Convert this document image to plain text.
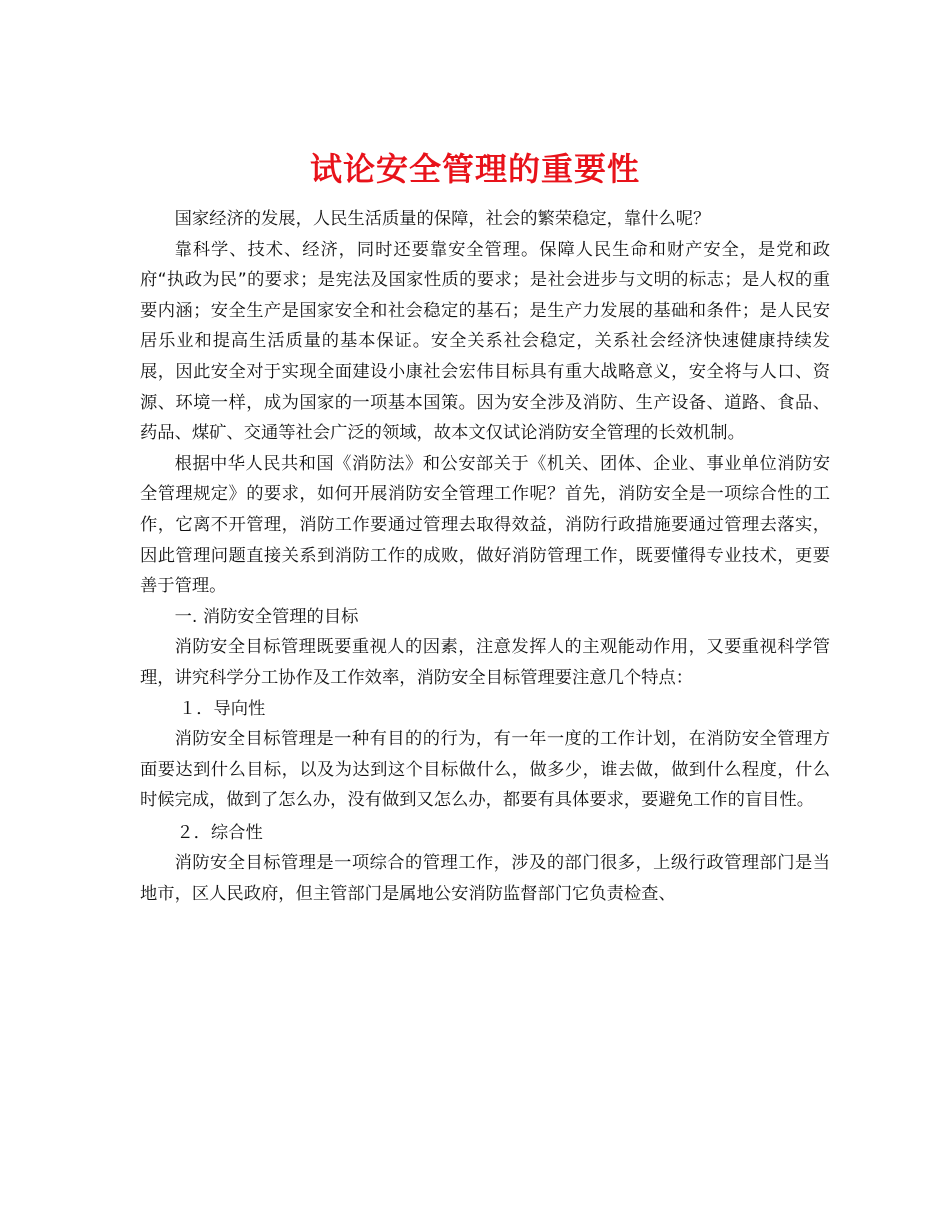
试论安全管理的重要性

国家经济的发展，人民生活质量的保障，社会的繁荣稳定，靠什么呢？

靠科学、技术、经济，同时还要靠安全管理。保障人民生命和财产安全，是党和政府“执政为民”的要求；是宪法及国家性质的要求；是社会进步与文明的标志；是人权的重要内涵；安全生产是国家安全和社会稳定的基石；是生产力发展的基础和条件；是人民安居乐业和提高生活质量的基本保证。安全关系社会稳定，关系社会经济快速健康持续发展，因此安全对于实现全面建设小康社会宏伟目标具有重大战略意义，安全将与人口、资源、环境一样，成为国家的一项基本国策。因为安全涉及消防、生产设备、道路、食品、药品、煤矿、交通等社会广泛的领域，故本文仅试论消防安全管理的长效机制。

根据中华人民共和国《消防法》和公安部关于《机关、团体、企业、事业单位消防安全管理规定》的要求，如何开展消防安全管理工作呢？首先，消防安全是一项综合性的工作，它离不开管理，消防工作要通过管理去取得效益，消防行政措施要通过管理去落实，因此管理问题直接关系到消防工作的成败，做好消防管理工作，既要懂得专业技术，更要善于管理。

一. 消防安全管理的目标

消防安全目标管理既要重视人的因素，注意发挥人的主观能动作用，又要重视科学管理，讲究科学分工协作及工作效率，消防安全目标管理要注意几个特点：

１．导向性

消防安全目标管理是一种有目的的行为，有一年一度的工作计划，在消防安全管理方面要达到什么目标，以及为达到这个目标做什么，做多少，谁去做，做到什么程度，什么时候完成，做到了怎么办，没有做到又怎么办，都要有具体要求，要避免工作的盲目性。

２．综合性

消防安全目标管理是一项综合的管理工作，涉及的部门很多，上级行政管理部门是当地市，区人民政府，但主管部门是属地公安消防监督部门它负责检查、
